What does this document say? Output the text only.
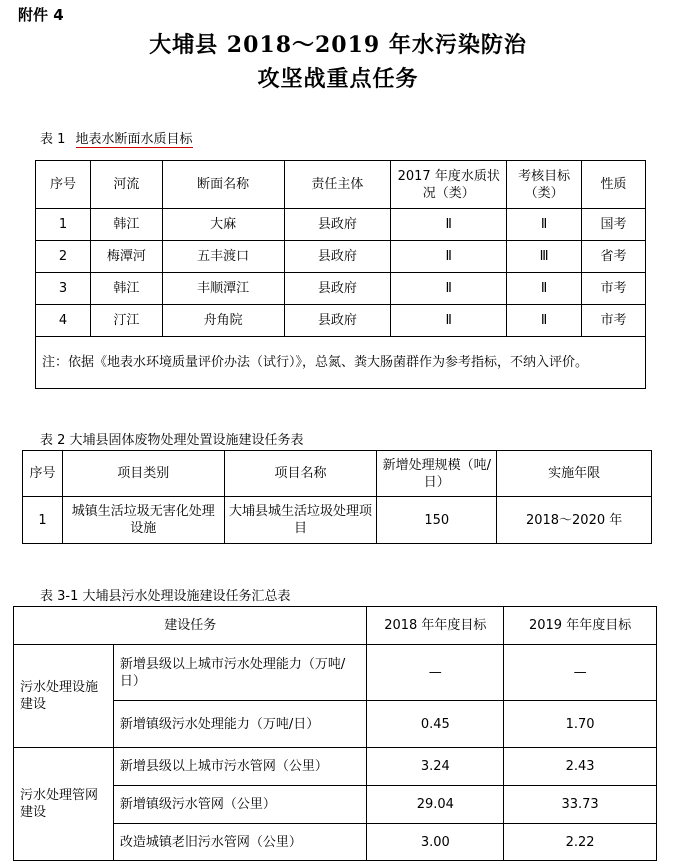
附件 4
大埔县 2018～2019 年水污染防治
攻坚战重点任务
表 1 地表水断面水质目标
序号	河流	断面名称	责任主体	2017 年度水质状况（类）	考核目标（类）	性质
1	韩江	大麻	县政府	Ⅱ	Ⅱ	国考
2	梅潭河	五丰渡口	县政府	Ⅱ	Ⅲ	省考
3	韩江	丰顺潭江	县政府	Ⅱ	Ⅱ	市考
4	汀江	舟角院	县政府	Ⅱ	Ⅱ	市考
注：依据《地表水环境质量评价办法（试行）》，总氮、粪大肠菌群作为参考指标，不纳入评价。						
表 2 大埔县固体废物处理处置设施建设任务表
序号	项目类别	项目名称	新增处理规模（吨/日）	实施年限
1	城镇生活垃圾无害化处理设施	大埔县城生活垃圾处理项目	150	2018～2020 年
表 3-1 大埔县污水处理设施建设任务汇总表
建设任务		2018 年年度目标	2019 年年度目标
污水处理设施建设	新增县级以上城市污水处理能力（万吨/日）	—	—
	新增镇级污水处理能力（万吨/日）	0.45	1.70
污水处理管网建设	新增县级以上城市污水管网（公里）	3.24	2.43
	新增镇级污水管网（公里）	29.04	33.73
	改造城镇老旧污水管网（公里）	3.00	2.22
